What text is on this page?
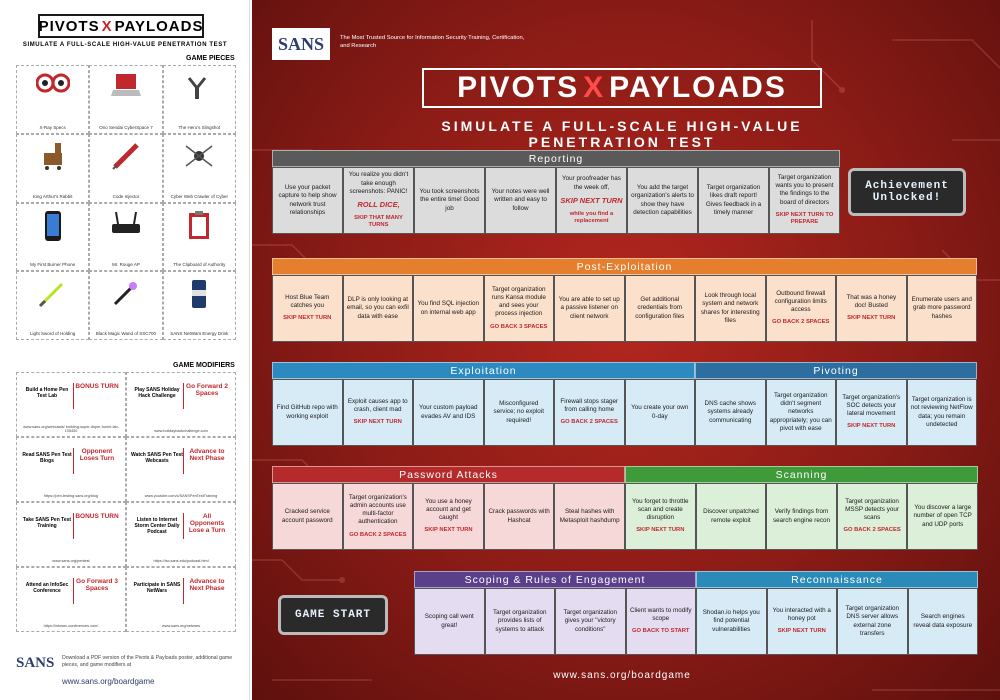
PIVOTS X PAYLOADS
SIMULATE A FULL-SCALE HIGH-VALUE PENETRATION TEST
GAME PIECES
X-Ray Specs	Ono Sendai CyberSpace 7	The Hero's Slingshot
King Arthur's Rabbit	Code Injector	Cyber Web Crawler of Cyber
My First Burner Phone	Mr. Rouge AP	The Clipboard of Authority
Light Sword of Holding	Black Magic Wand of SSC700	SANS NetWars Energy Drink
GAME MODIFIERS
Build a Home Pen Test Lab
BONUS TURN
www.sans.org/webcasts/ building-super-duper-home-lab-105450
Play SANS Holiday Hack Challenge
Go Forward 2 Spaces
www.holidayhackchallenge.com
Read SANS Pen Test Blogs
Opponent Loses Turn
https://pen-testing.sans.org/blog
Watch SANS Pen Test Webcasts
Advance to Next Phase
www.youtube.com/c/SANSPenTestTraining
Take SANS Pen Test Training
BONUS TURN
www.sans.org/pentest
Listen to Internet Storm Center Daily Podcast
All Opponents Lose a Turn
https://isc.sans.edu/podcast.html
Attend an InfoSec Conference
Go Forward 3 Spaces
https://infosec-conferences.com/
Participate in SANS NetWars
Advance to Next Phase
www.sans.org/netwars
SANS Download a PDF version of the Pivots & Payloads poster, additional game pieces, and game modifiers at
www.sans.org/boardgame
SANS	The Most Trusted Source for Information Security Training, Certification, and Research
PIVOTS X PAYLOADS
SIMULATE A FULL-SCALE HIGH-VALUE PENETRATION TEST
Achievement Unlocked!
GAME START
www.sans.org/boardgame
Reporting
Use your packet capture to help show network trust relationships
You realize you didn't take enough screenshots: PANIC!
ROLL DICE,
SKIP THAT MANY TURNS
You took screenshots the entire time! Good job
Your notes were well written and easy to follow
Your proofreader has the week off,
SKIP NEXT TURN
while you find a replacement
You add the target organization's alerts to show they have detection capabilities
Target organization likes draft report! Gives feedback in a timely manner
Target organization wants you to present the findings to the board of directors
SKIP NEXT TURN TO PREPARE
Post-Exploitation
Host Blue Team catches you
SKIP NEXT TURN
DLP is only looking at email, so you can exfil data with ease
You find SQL injection on internal web app
Target organization runs Kansa module and sees your process injection
GO BACK 3 SPACES
You are able to set up a passive listener on client network
Get additional credentials from configuration files
Look through local system and network shares for interesting files
Outbound firewall configuration limits access
GO BACK 2 SPACES
That was a honey doc! Busted
SKIP NEXT TURN
Enumerate users and grab more password hashes
Exploitation
Find GitHub repo with working exploit
Exploit causes app to crash, client mad
SKIP NEXT TURN
Your custom payload evades AV and IDS
Misconfigured service; no exploit required!
Firewall stops stager from calling home
GO BACK 2 SPACES
You create your own 0-day
Pivoting
DNS cache shows systems already communicating
Target organization didn't segment networks appropriately; you can pivot with ease
Target organization's SOC detects your lateral movement
SKIP NEXT TURN
Target organization is not reviewing NetFlow data; you remain undetected
Password Attacks
Cracked service account password
Target organization's admin accounts use multi-factor authentication
GO BACK 2 SPACES
You use a honey account and get caught
SKIP NEXT TURN
Crack passwords with Hashcat
Steal hashes with Metasploit hashdump
Scanning
You forget to throttle scan and create disruption
SKIP NEXT TURN
Discover unpatched remote exploit
Verify findings from search engine recon
Target organization MSSP detects your scans
GO BACK 2 SPACES
You discover a large number of open TCP and UDP ports
Scoping & Rules of Engagement
Scoping call went great!
Target organization provides lists of systems to attack
Target organization gives your "victory conditions"
Client wants to modify scope
GO BACK TO START
Reconnaissance
Shodan.io helps you find potential vulnerabilities
You interacted with a honey pot
SKIP NEXT TURN
Target organization DNS server allows external zone transfers
Search engines reveal data exposure
